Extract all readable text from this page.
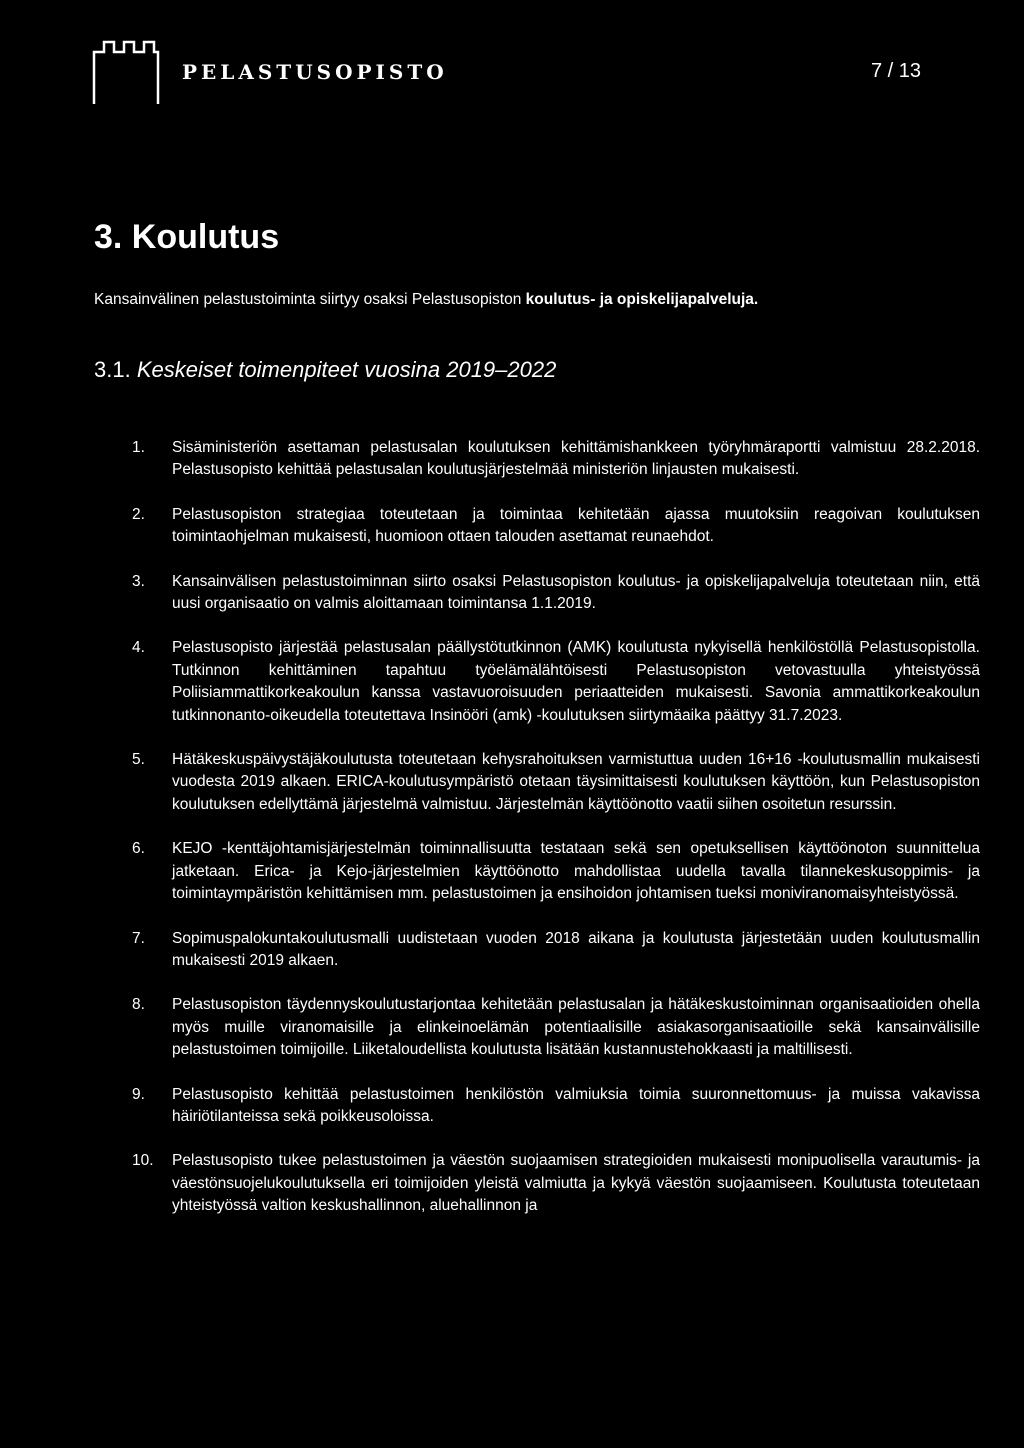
PELASTUSOPISTO	7 / 13
3. Koulutus
Kansainvälinen pelastustoiminta siirtyy osaksi Pelastusopiston koulutus- ja opiskelijapalveluja.
3.1. Keskeiset toimenpiteet vuosina 2019–2022
1. Sisäministeriön asettaman pelastusalan koulutuksen kehittämishankkeen työryhmäraportti valmistuu 28.2.2018. Pelastusopisto kehittää pelastusalan koulutusjärjestelmää ministeriön linjausten mukaisesti.
2. Pelastusopiston strategiaa toteutetaan ja toimintaa kehitetään ajassa muutoksiin reagoivan koulutuksen toimintaohjelman mukaisesti, huomioon ottaen talouden asettamat reunaehdot.
3. Kansainvälisen pelastustoiminnan siirto osaksi Pelastusopiston koulutus- ja opiskelijapalveluja toteutetaan niin, että uusi organisaatio on valmis aloittamaan toimintansa 1.1.2019.
4. Pelastusopisto järjestää pelastusalan päällystötutkinnon (AMK) koulutusta nykyisellä henkilöstöllä Pelastusopistolla. Tutkinnon kehittäminen tapahtuu työelämälähtöisesti Pelastusopiston vetovastuulla yhteistyössä Poliisiammattikorkeakoulun kanssa vastavuoroisuuden periaatteiden mukaisesti. Savonia ammattikorkeakoulun tutkinnonanto-oikeudella toteutettava Insinööri (amk) -koulutuksen siirtymäaika päättyy 31.7.2023.
5. Hätäkeskuspäivystäjäkoulutusta toteutetaan kehysrahoituksen varmistuttua uuden 16+16 -koulutusmallin mukaisesti vuodesta 2019 alkaen. ERICA-koulutusympäristö otetaan täysimittaisesti koulutuksen käyttöön, kun Pelastusopiston koulutuksen edellyttämä järjestelmä valmistuu. Järjestelmän käyttöönotto vaatii siihen osoitetun resurssin.
6. KEJO -kenttäjohtamisjärjestelmän toiminnallisuutta testataan sekä sen opetuksellisen käyttöönoton suunnittelua jatketaan. Erica- ja Kejo-järjestelmien käyttöönotto mahdollistaa uudella tavalla tilannekeskusoppimis- ja toimintaympäristön kehittämisen mm. pelastustoimen ja ensihoidon johtamisen tueksi moniviranomaisyhteistyössä.
7. Sopimuspalokuntakoulutusmalli uudistetaan vuoden 2018 aikana ja koulutusta järjestetään uuden koulutusmallin mukaisesti 2019 alkaen.
8. Pelastusopiston täydennyskoulutustarjontaa kehitetään pelastusalan ja hätäkeskustoiminnan organisaatioiden ohella myös muille viranomaisille ja elinkeinoelämän potentiaalisille asiakasorganisaatioille sekä kansainvälisille pelastustoimen toimijoille. Liiketaloudellista koulutusta lisätään kustannustehokkaasti ja maltillisesti.
9. Pelastusopisto kehittää pelastustoimen henkilöstön valmiuksia toimia suuronnettomuus- ja muissa vakavissa häiriötilanteissa sekä poikkeusoloissa.
10. Pelastusopisto tukee pelastustoimen ja väestön suojaamisen strategioiden mukaisesti monipuolisella varautumis- ja väestönsuojelukoulutuksella eri toimijoiden yleistä valmiutta ja kykyä väestön suojaamiseen. Koulutusta toteutetaan yhteistyössä valtion keskushallinnon, aluehallinnon ja
